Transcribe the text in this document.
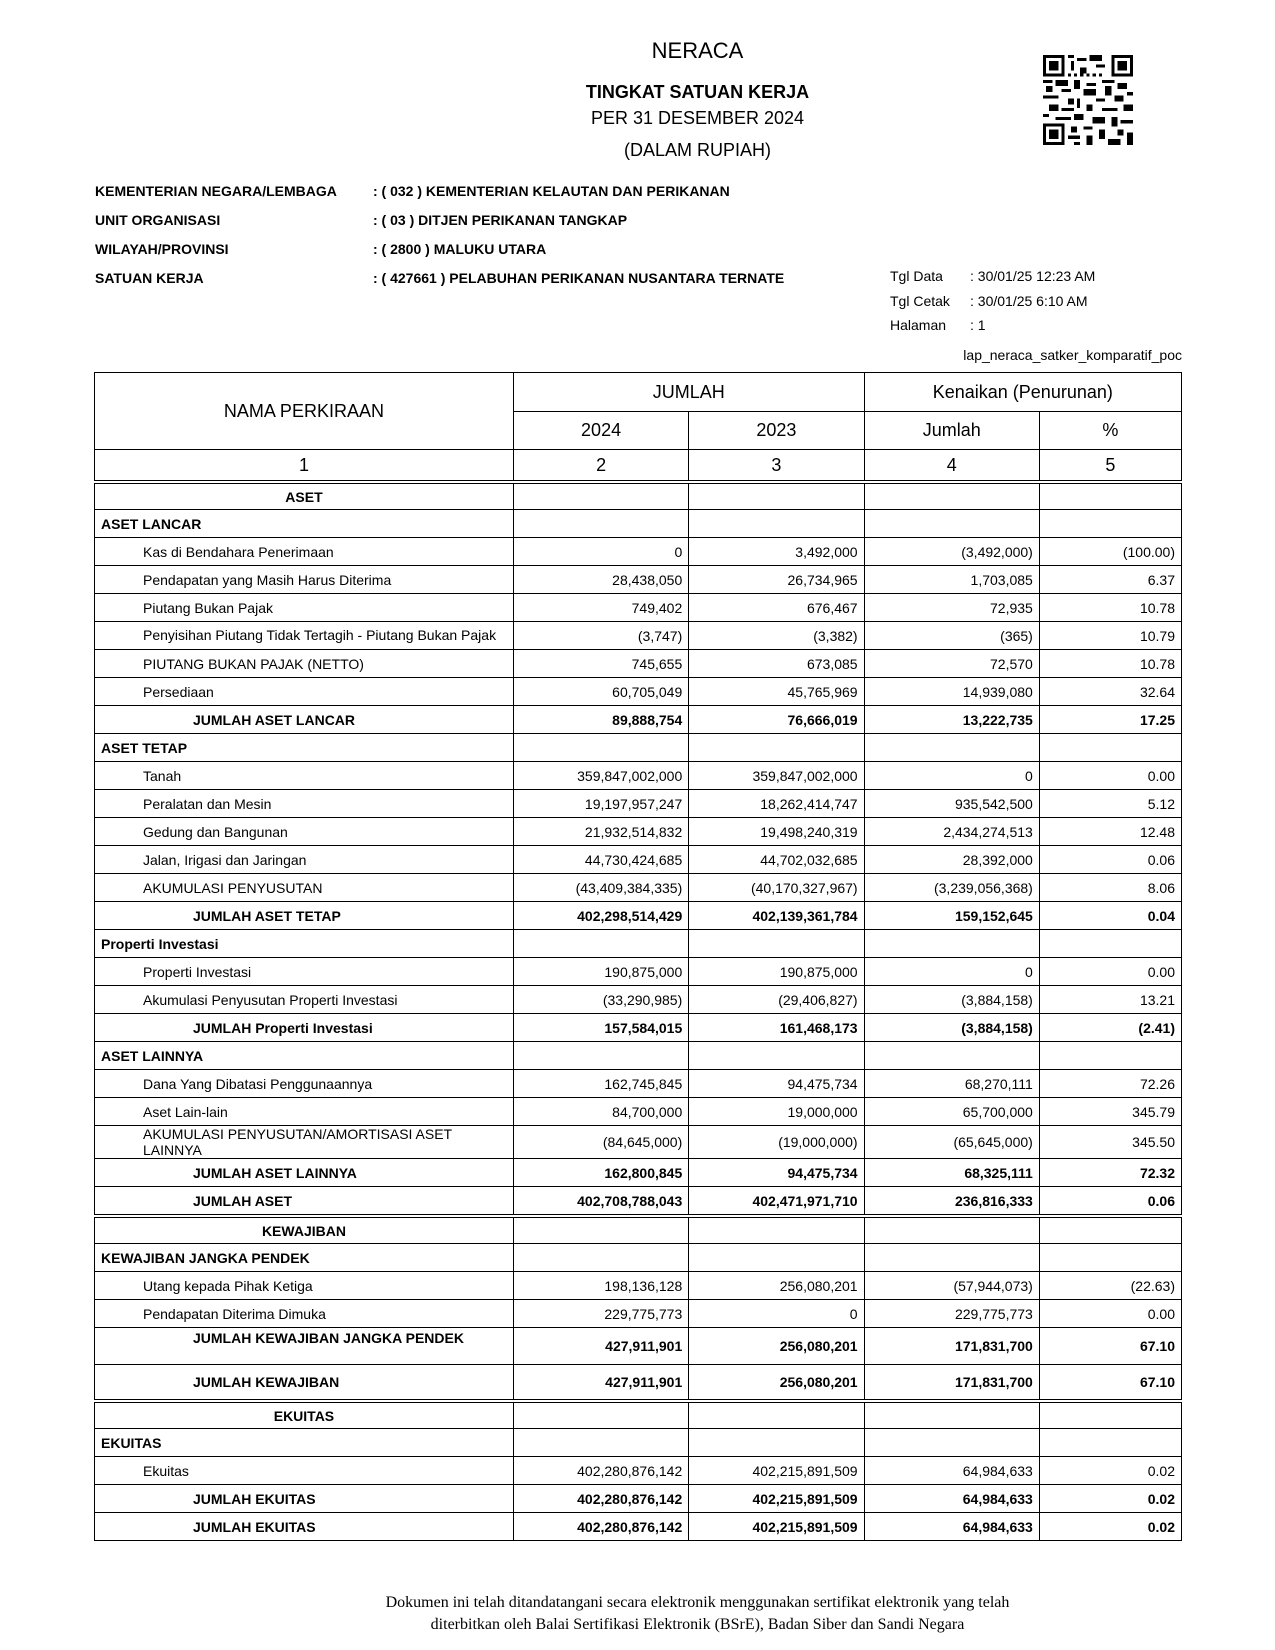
NERACA
TINGKAT SATUAN KERJA
PER 31 DESEMBER 2024
(DALAM RUPIAH)
KEMENTERIAN NEGARA/LEMBAGA	: ( 032 ) KEMENTERIAN KELAUTAN DAN PERIKANAN
UNIT ORGANISASI	: ( 03 ) DITJEN PERIKANAN TANGKAP
WILAYAH/PROVINSI	: ( 2800 ) MALUKU UTARA
SATUAN KERJA	: ( 427661 ) PELABUHAN PERIKANAN NUSANTARA TERNATE	Tgl Data : 30/01/25 12:23 AM
Tgl Cetak : 30/01/25 6:10 AM
Halaman : 1
lap_neraca_satker_komparatif_poc
NAMA PERKIRAAN	JUMLAH		Kenaikan (Penurunan)	
	2024	2023	Jumlah	%
1	2	3	4	5
ASET				
ASET LANCAR				
Kas di Bendahara Penerimaan	0	3,492,000	(3,492,000)	(100.00)
Pendapatan yang Masih Harus Diterima	28,438,050	26,734,965	1,703,085	6.37
Piutang Bukan Pajak	749,402	676,467	72,935	10.78
Penyisihan Piutang Tidak Tertagih - Piutang Bukan Pajak	(3,747)	(3,382)	(365)	10.79
PIUTANG BUKAN PAJAK (NETTO)	745,655	673,085	72,570	10.78
Persediaan	60,705,049	45,765,969	14,939,080	32.64
JUMLAH ASET LANCAR	89,888,754	76,666,019	13,222,735	17.25
ASET TETAP				
Tanah	359,847,002,000	359,847,002,000	0	0.00
Peralatan dan Mesin	19,197,957,247	18,262,414,747	935,542,500	5.12
Gedung dan Bangunan	21,932,514,832	19,498,240,319	2,434,274,513	12.48
Jalan, Irigasi dan Jaringan	44,730,424,685	44,702,032,685	28,392,000	0.06
AKUMULASI PENYUSUTAN	(43,409,384,335)	(40,170,327,967)	(3,239,056,368)	8.06
JUMLAH ASET TETAP	402,298,514,429	402,139,361,784	159,152,645	0.04
Properti Investasi				
Properti Investasi	190,875,000	190,875,000	0	0.00
Akumulasi Penyusutan Properti Investasi	(33,290,985)	(29,406,827)	(3,884,158)	13.21
JUMLAH Properti Investasi	157,584,015	161,468,173	(3,884,158)	(2.41)
ASET LAINNYA				
Dana Yang Dibatasi Penggunaannya	162,745,845	94,475,734	68,270,111	72.26
Aset Lain-lain	84,700,000	19,000,000	65,700,000	345.79
AKUMULASI PENYUSUTAN/AMORTISASI ASET LAINNYA	(84,645,000)	(19,000,000)	(65,645,000)	345.50
JUMLAH ASET LAINNYA	162,800,845	94,475,734	68,325,111	72.32
JUMLAH ASET	402,708,788,043	402,471,971,710	236,816,333	0.06
KEWAJIBAN				
KEWAJIBAN JANGKA PENDEK				
Utang kepada Pihak Ketiga	198,136,128	256,080,201	(57,944,073)	(22.63)
Pendapatan Diterima Dimuka	229,775,773	0	229,775,773	0.00
JUMLAH KEWAJIBAN JANGKA PENDEK	427,911,901	256,080,201	171,831,700	67.10
JUMLAH KEWAJIBAN	427,911,901	256,080,201	171,831,700	67.10
EKUITAS				
EKUITAS				
Ekuitas	402,280,876,142	402,215,891,509	64,984,633	0.02
JUMLAH EKUITAS	402,280,876,142	402,215,891,509	64,984,633	0.02
JUMLAH EKUITAS	402,280,876,142	402,215,891,509	64,984,633	0.02
Dokumen ini telah ditandatangani secara elektronik menggunakan sertifikat elektronik yang telah
diterbitkan oleh Balai Sertifikasi Elektronik (BSrE), Badan Siber dan Sandi Negara
